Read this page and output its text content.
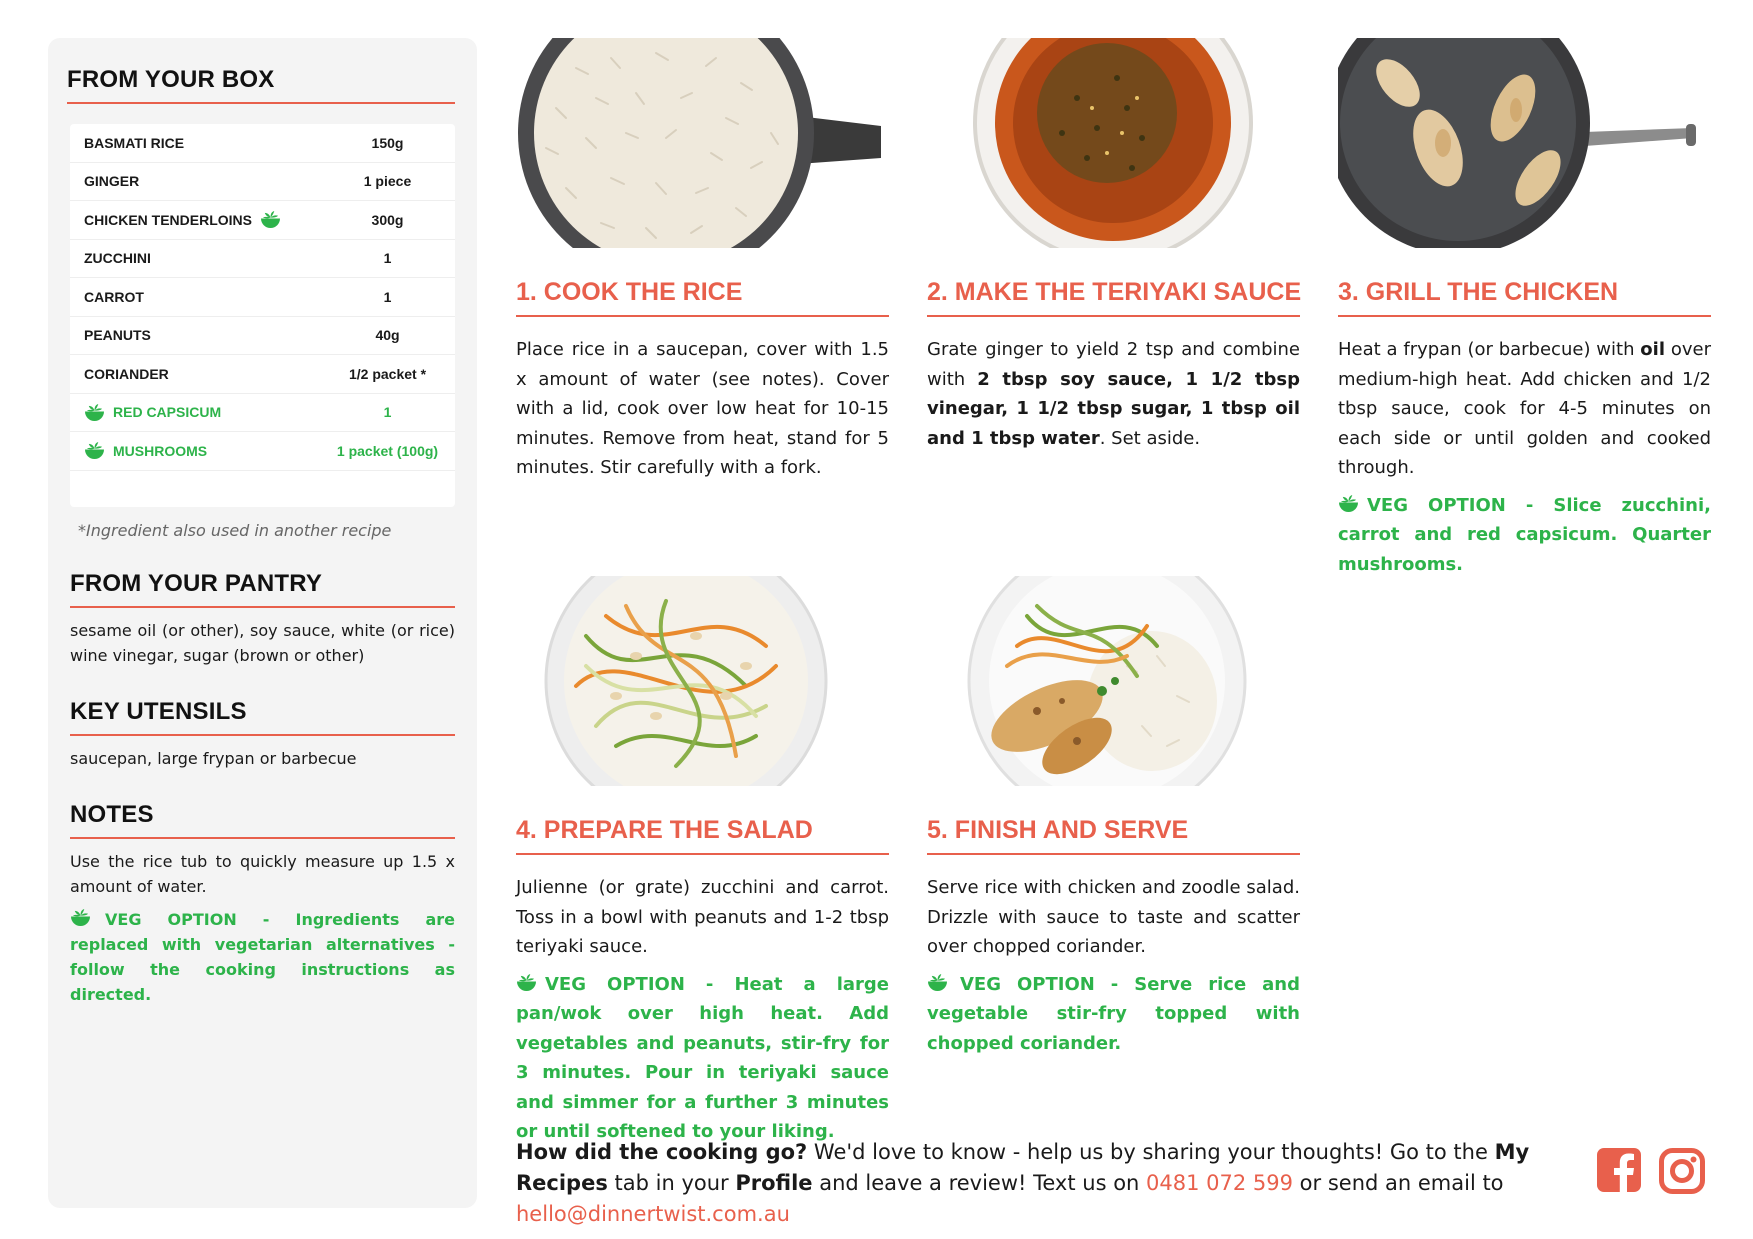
FROM YOUR BOX
BASMATI RICE	150g
GINGER	1 piece
CHICKEN TENDERLOINS	300g
ZUCCHINI	1
CARROT	1
PEANUTS	40g
CORIANDER	1/2 packet *
RED CAPSICUM	1
MUSHROOMS	1 packet (100g)

*Ingredient also used in another recipe

FROM YOUR PANTRY

sesame oil (or other), soy sauce, white (or rice) wine vinegar, sugar (brown or other)

KEY UTENSILS

saucepan, large frypan or barbecue

NOTES

Use the rice tub to quickly measure up 1.5 x amount of water.

VEG OPTION - Ingredients are replaced with vegetarian alternatives - follow the cooking instructions as directed.
1. COOK THE RICE
Place rice in a saucepan, cover with 1.5 x amount of water (see notes). Cover with a lid, cook over low heat for 10-15 minutes. Remove from heat, stand for 5 minutes. Stir carefully with a fork.
2. MAKE THE TERIYAKI SAUCE
Grate ginger to yield 2 tsp and combine with 2 tbsp soy sauce, 1 1/2 tbsp vinegar, 1 1/2 tbsp sugar, 1 tbsp oil and 1 tbsp water. Set aside.
3. GRILL THE CHICKEN
Heat a frypan (or barbecue) with oil over medium-high heat. Add chicken and 1/2 tbsp sauce, cook for 4-5 minutes on each side or until golden and cooked through.
VEG OPTION - Slice zucchini, carrot and red capsicum. Quarter mushrooms.
4. PREPARE THE SALAD
Julienne (or grate) zucchini and carrot. Toss in a bowl with peanuts and 1-2 tbsp teriyaki sauce.
VEG OPTION - Heat a large pan/wok over high heat. Add vegetables and peanuts, stir-fry for 3 minutes. Pour in teriyaki sauce and simmer for a further 3 minutes or until softened to your liking.
5. FINISH AND SERVE
Serve rice with chicken and zoodle salad. Drizzle with sauce to taste and scatter over chopped coriander.
VEG OPTION - Serve rice and vegetable stir-fry topped with chopped coriander.
How did the cooking go? We'd love to know - help us by sharing your thoughts! Go to the My Recipes tab in your Profile and leave a review! Text us on 0481 072 599 or send an email to hello@dinnertwist.com.au
